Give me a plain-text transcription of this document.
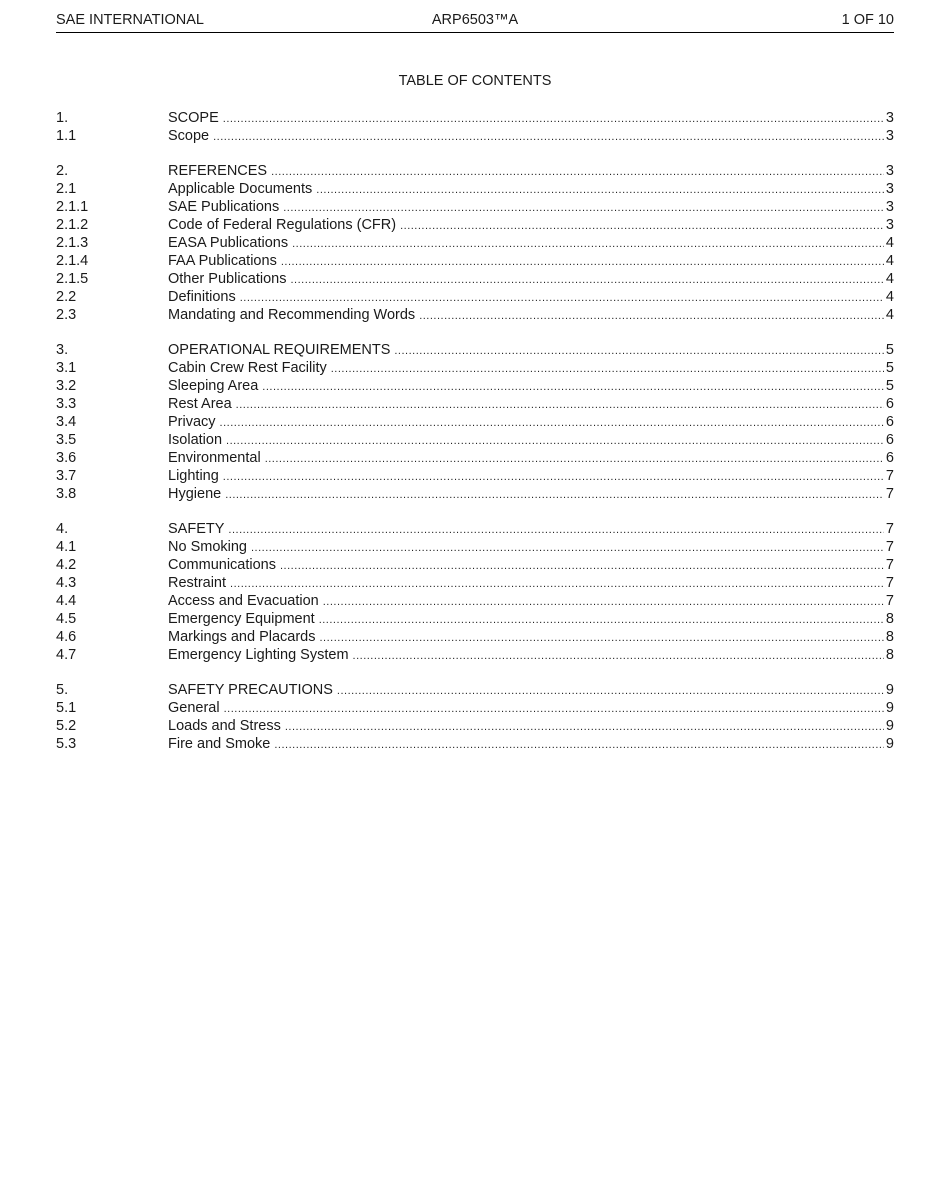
SAE INTERNATIONAL	ARP6503™A	1 OF 10
TABLE OF CONTENTS
1.	SCOPE .....	3
1.1	Scope .....	3
2.	REFERENCES .....	3
2.1	Applicable Documents .....	3
2.1.1	SAE Publications .....	3
2.1.2	Code of Federal Regulations (CFR) .....	3
2.1.3	EASA Publications .....	4
2.1.4	FAA Publications .....	4
2.1.5	Other Publications .....	4
2.2	Definitions .....	4
2.3	Mandating and Recommending Words .....	4
3.	OPERATIONAL REQUIREMENTS .....	5
3.1	Cabin Crew Rest Facility .....	5
3.2	Sleeping Area .....	5
3.3	Rest Area .....	6
3.4	Privacy .....	6
3.5	Isolation .....	6
3.6	Environmental .....	6
3.7	Lighting .....	7
3.8	Hygiene .....	7
4.	SAFETY .....	7
4.1	No Smoking .....	7
4.2	Communications .....	7
4.3	Restraint .....	7
4.4	Access and Evacuation .....	7
4.5	Emergency Equipment .....	8
4.6	Markings and Placards .....	8
4.7	Emergency Lighting System .....	8
5.	SAFETY PRECAUTIONS .....	9
5.1	General .....	9
5.2	Loads and Stress .....	9
5.3	Fire and Smoke .....	9
